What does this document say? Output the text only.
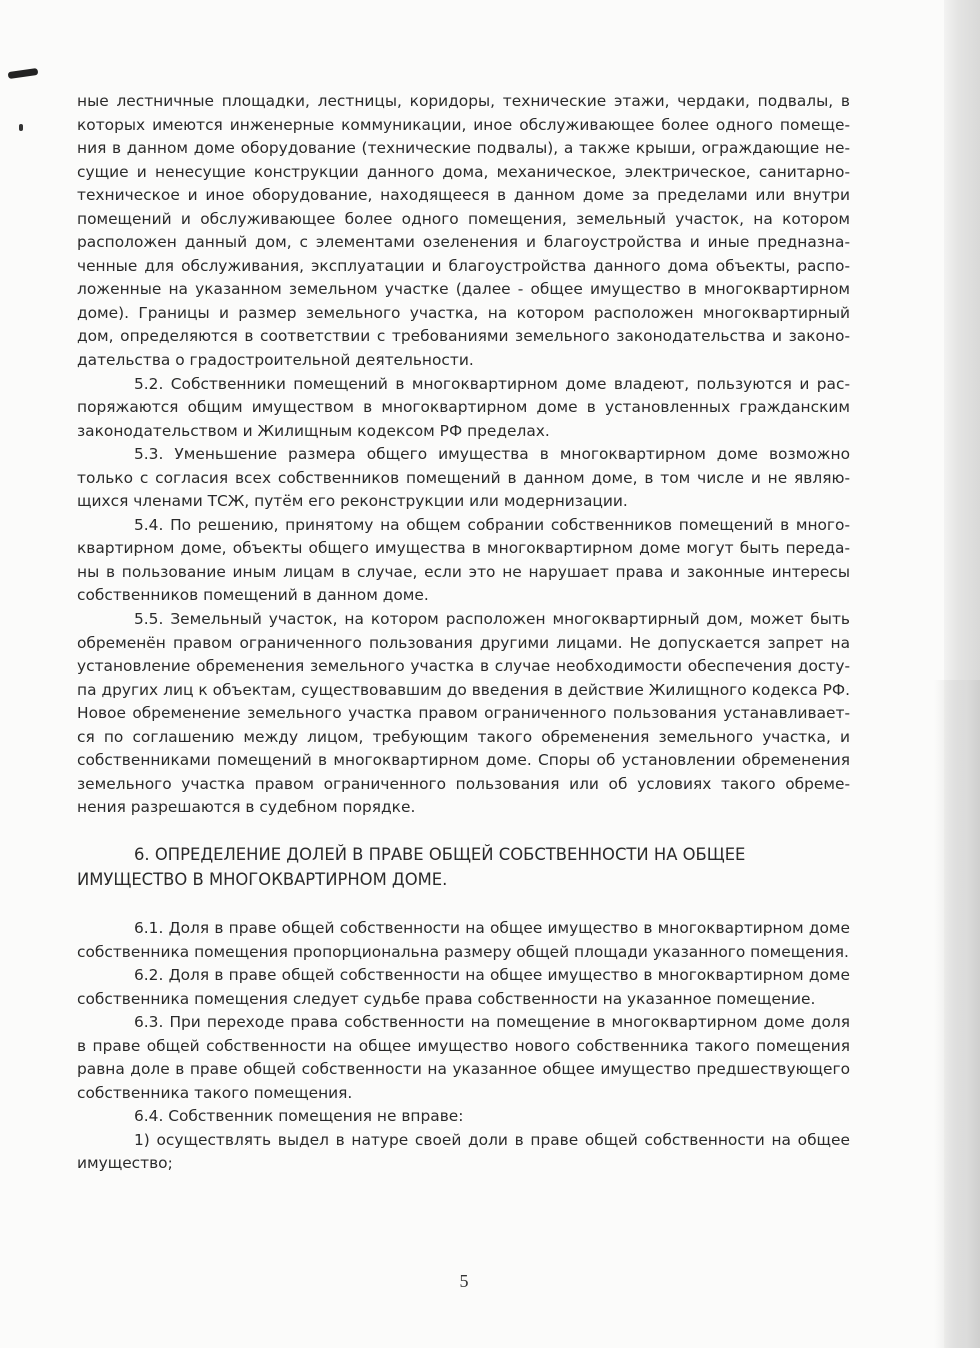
ные лестничные площадки, лестницы, коридоры, технические этажи, чердаки, подвалы, в которых имеются инженерные коммуникации, иное обслуживающее более одного помещения в данном доме оборудование (технические подвалы), а также крыши, ограждающие несущие и ненесущие конструкции данного дома, механическое, электрическое, санитарно-техническое и иное оборудование, находящееся в данном доме за пределами или внутри помещений и обслуживающее более одного помещения, земельный участок, на котором расположен данный дом, с элементами озеленения и благоустройства и иные предназначенные для обслуживания, эксплуатации и благоустройства данного дома объекты, расположенные на указанном земельном участке (далее - общее имущество в многоквартирном доме). Границы и размер земельного участка, на котором расположен многоквартирный дом, определяются в соответствии с требованиями земельного законодательства и законодательства о градостроительной деятельности.

5.2. Собственники помещений в многоквартирном доме владеют, пользуются и распоряжаются общим имуществом в многоквартирном доме в установленных гражданским законодательством и Жилищным кодексом РФ пределах.

5.3. Уменьшение размера общего имущества в многоквартирном доме возможно только с согласия всех собственников помещений в данном доме, в том числе и не являющихся членами ТСЖ, путём его реконструкции или модернизации.

5.4. По решению, принятому на общем собрании собственников помещений в многоквартирном доме, объекты общего имущества в многоквартирном доме могут быть переданы в пользование иным лицам в случае, если это не нарушает права и законные интересы собственников помещений в данном доме.

5.5. Земельный участок, на котором расположен многоквартирный дом, может быть обременён правом ограниченного пользования другими лицами. Не допускается запрет на установление обременения земельного участка в случае необходимости обеспечения доступа других лиц к объектам, существовавшим до введения в действие Жилищного кодекса РФ. Новое обременение земельного участка правом ограниченного пользования устанавливается по соглашению между лицом, требующим такого обременения земельного участка, и собственниками помещений в многоквартирном доме. Споры об установлении обременения земельного участка правом ограниченного пользования или об условиях такого обременения разрешаются в судебном порядке.

6. ОПРЕДЕЛЕНИЕ ДОЛЕЙ В ПРАВЕ ОБЩЕЙ СОБСТВЕННОСТИ НА ОБЩЕЕ ИМУЩЕСТВО В МНОГОКВАРТИРНОМ ДОМЕ.

6.1. Доля в праве общей собственности на общее имущество в многоквартирном доме собственника помещения пропорциональна размеру общей площади указанного помещения.

6.2. Доля в праве общей собственности на общее имущество в многоквартирном доме собственника помещения следует судьбе права собственности на указанное помещение.

6.3. При переходе права собственности на помещение в многоквартирном доме доля в праве общей собственности на общее имущество нового собственника такого помещения равна доле в праве общей собственности на указанное общее имущество предшествующего собственника такого помещения.

6.4. Собственник помещения не вправе:

1) осуществлять выдел в натуре своей доли в праве общей собственности на общее имущество;

5
